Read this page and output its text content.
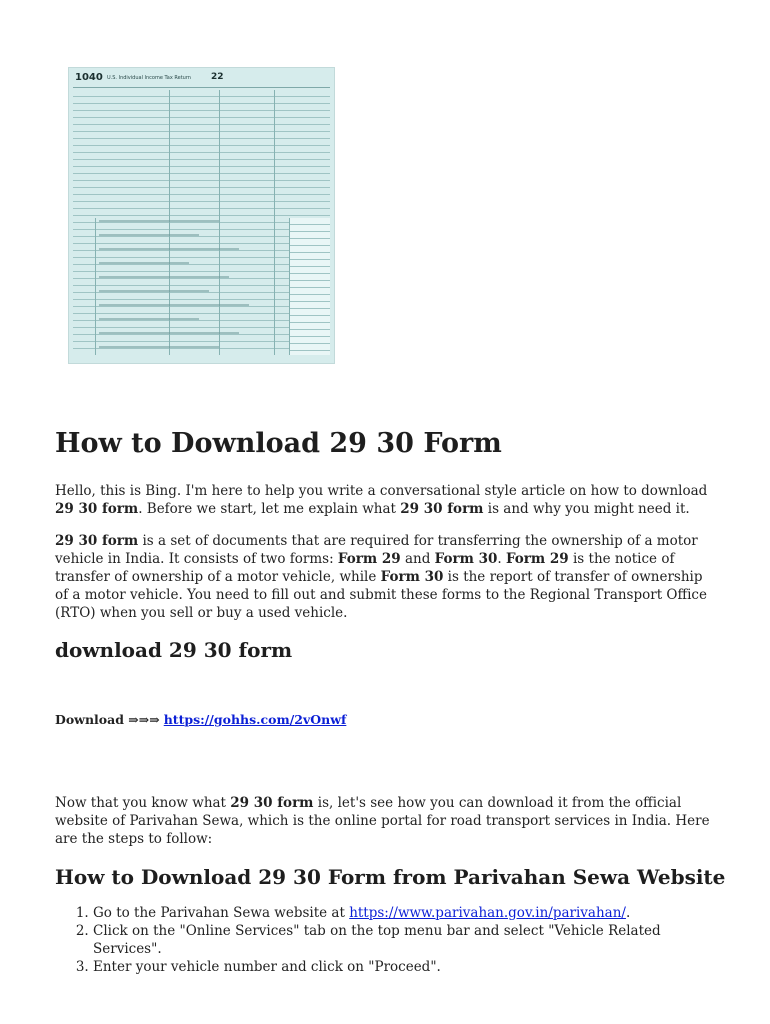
1040 U.S. Individual Income Tax Return 22
How to Download 29 30 Form

Hello, this is Bing. I'm here to help you write a conversational style article on how to download 29 30 form. Before we start, let me explain what 29 30 form is and why you might need it.

29 30 form is a set of documents that are required for transferring the ownership of a motor vehicle in India. It consists of two forms: Form 29 and Form 30. Form 29 is the notice of transfer of ownership of a motor vehicle, while Form 30 is the report of transfer of ownership of a motor vehicle. You need to fill out and submit these forms to the Regional Transport Office (RTO) when you sell or buy a used vehicle.

download 29 30 form

Download ⇒⇒⇒ https://gohhs.com/2vOnwf

Now that you know what 29 30 form is, let's see how you can download it from the official website of Parivahan Sewa, which is the online portal for road transport services in India. Here are the steps to follow:

How to Download 29 30 Form from Parivahan Sewa Website
1. Go to the Parivahan Sewa website at https://www.parivahan.gov.in/parivahan/.
2. Click on the "Online Services" tab on the top menu bar and select "Vehicle Related Services".
3. Enter your vehicle number and click on "Proceed".
